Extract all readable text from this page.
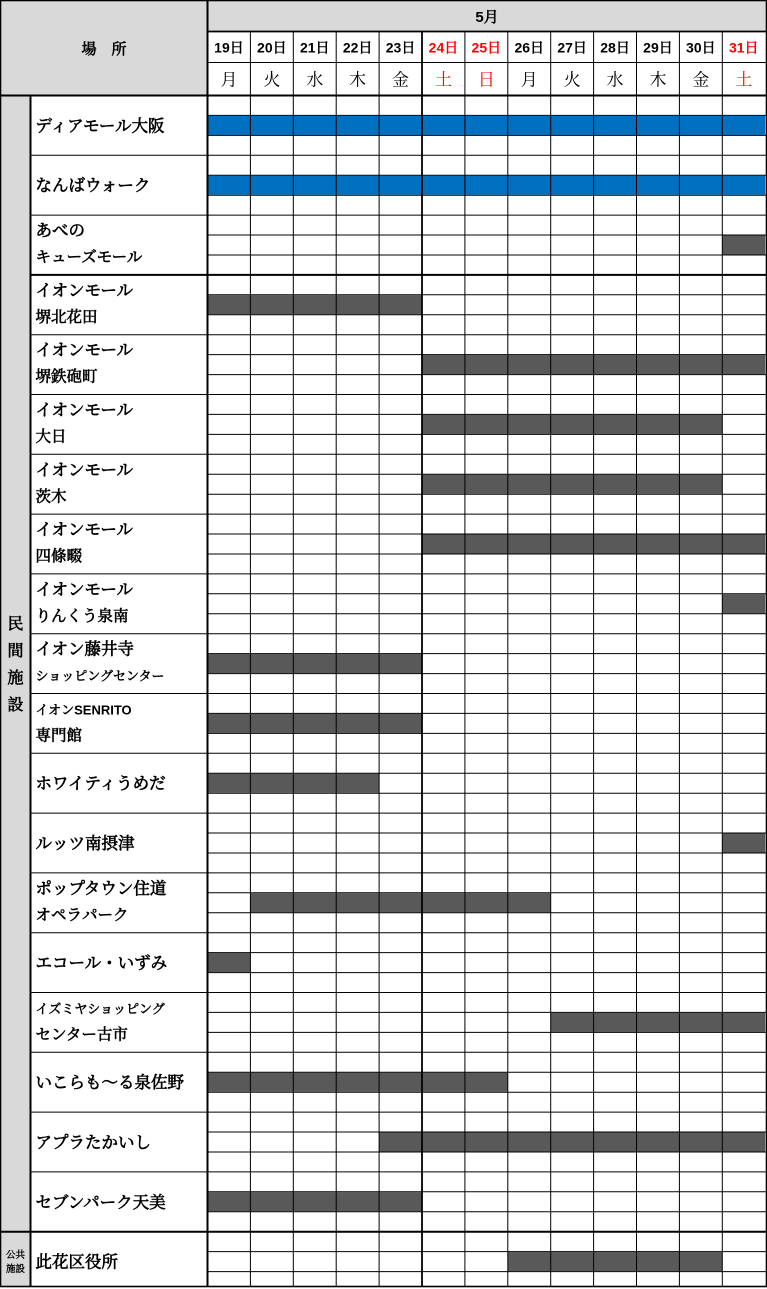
場　所
5月
19日
月
20日
火
21日
水
22日
木
23日
金
24日
土
25日
日
26日
月
27日
火
28日
水
29日
木
30日
金
31日
土
民
間
施
設
公共
施設
ディアモール大阪
なんばウォーク
あべの
キューズモール
イオンモール
堺北花田
イオンモール
堺鉄砲町
イオンモール
大日
イオンモール
茨木
イオンモール
四條畷
イオンモール
りんくう泉南
イオン藤井寺
ショッピングセンター
イオンSENRITO
専門館
ホワイティうめだ
ルッツ南摂津
ポップタウン住道
オペラパーク
エコール・いずみ
イズミヤショッピング
センター古市
いこらも～る泉佐野
アプラたかいし
セブンパーク天美
此花区役所
